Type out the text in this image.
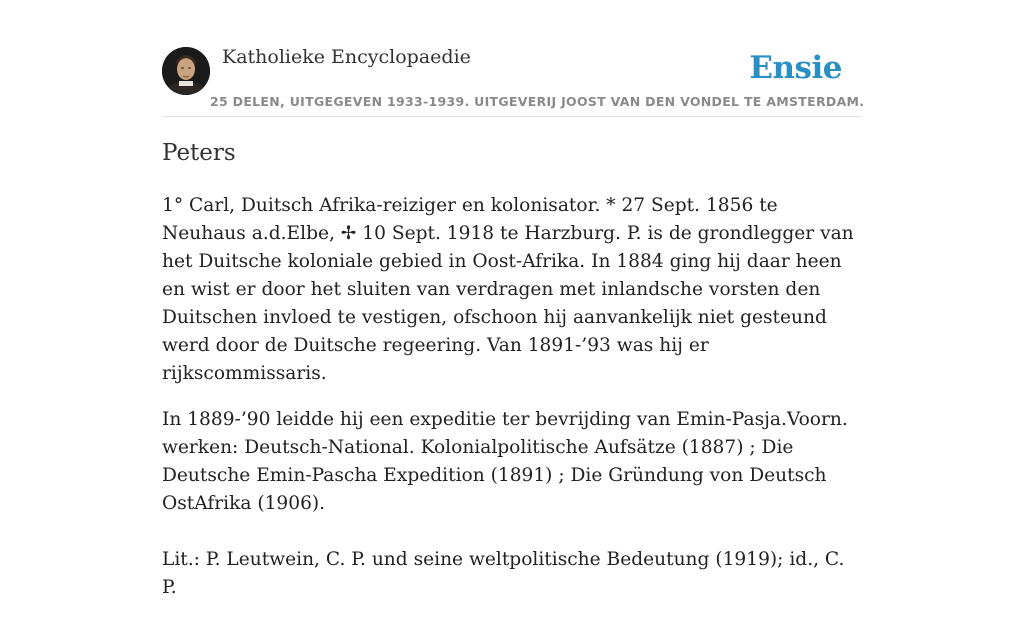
Katholieke Encyclopaedie
25 DELEN, UITGEGEVEN 1933-1939. UITGEVERIJ JOOST VAN DEN VONDEL TE AMSTERDAM.
Ensie
Peters

1° Carl, Duitsch Afrika-reiziger en kolonisator. * 27 Sept. 1856 te Neuhaus a.d.Elbe, ✢ 10 Sept. 1918 te Harzburg. P. is de grondlegger van het Duitsche koloniale gebied in Oost-Afrika. In 1884 ging hij daar heen en wist er door het sluiten van verdragen met inlandsche vorsten den Duitschen invloed te vestigen, ofschoon hij aanvankelijk niet gesteund werd door de Duitsche regeering. Van 1891-’93 was hij er rijkscommissaris.

In 1889-’90 leidde hij een expeditie ter bevrijding van Emin-Pasja.Voorn. werken: Deutsch-National. Kolonialpolitische Aufsätze (1887) ; Die Deutsche Emin-Pascha Expedition (1891) ; Die Gründung von Deutsch OstAfrika (1906).

Lit.: P. Leutwein, C. P. und seine weltpolitische Bedeutung (1919); id., C. P.
